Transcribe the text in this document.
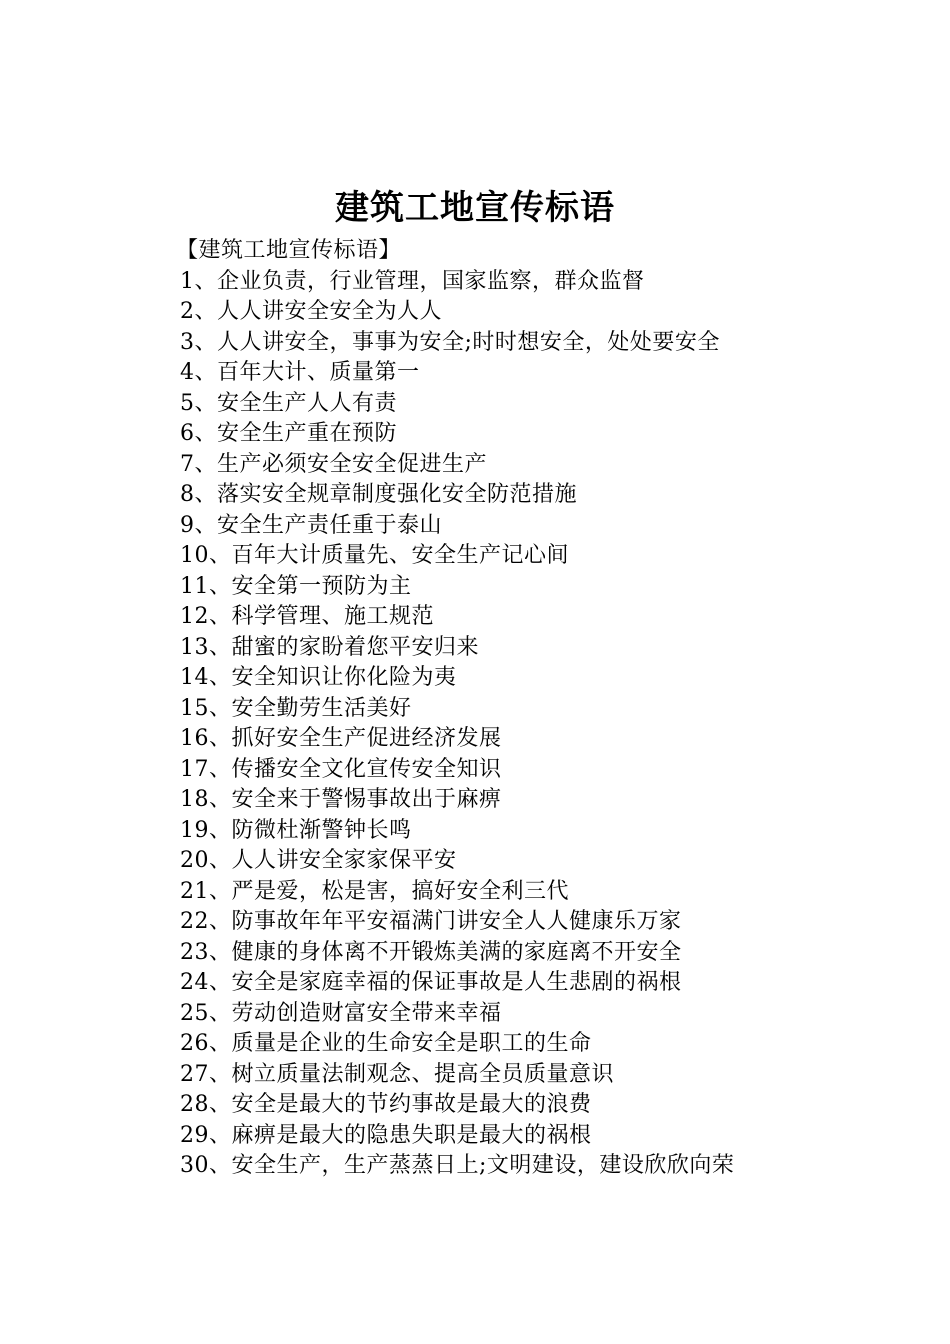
建筑工地宣传标语
【建筑工地宣传标语】
1、企业负责，行业管理，国家监察，群众监督
2、人人讲安全安全为人人
3、人人讲安全，事事为安全;时时想安全，处处要安全
4、百年大计、质量第一
5、安全生产人人有责
6、安全生产重在预防
7、生产必须安全安全促进生产
8、落实安全规章制度强化安全防范措施
9、安全生产责任重于泰山
10、百年大计质量先、安全生产记心间
11、安全第一预防为主
12、科学管理、施工规范
13、甜蜜的家盼着您平安归来
14、安全知识让你化险为夷
15、安全勤劳生活美好
16、抓好安全生产促进经济发展
17、传播安全文化宣传安全知识
18、安全来于警惕事故出于麻痹
19、防微杜渐警钟长鸣
20、人人讲安全家家保平安
21、严是爱，松是害，搞好安全利三代
22、防事故年年平安福满门讲安全人人健康乐万家
23、健康的身体离不开锻炼美满的家庭离不开安全
24、安全是家庭幸福的保证事故是人生悲剧的祸根
25、劳动创造财富安全带来幸福
26、质量是企业的生命安全是职工的生命
27、树立质量法制观念、提高全员质量意识
28、安全是最大的节约事故是最大的浪费
29、麻痹是最大的隐患失职是最大的祸根
30、安全生产，生产蒸蒸日上;文明建设，建设欣欣向荣
